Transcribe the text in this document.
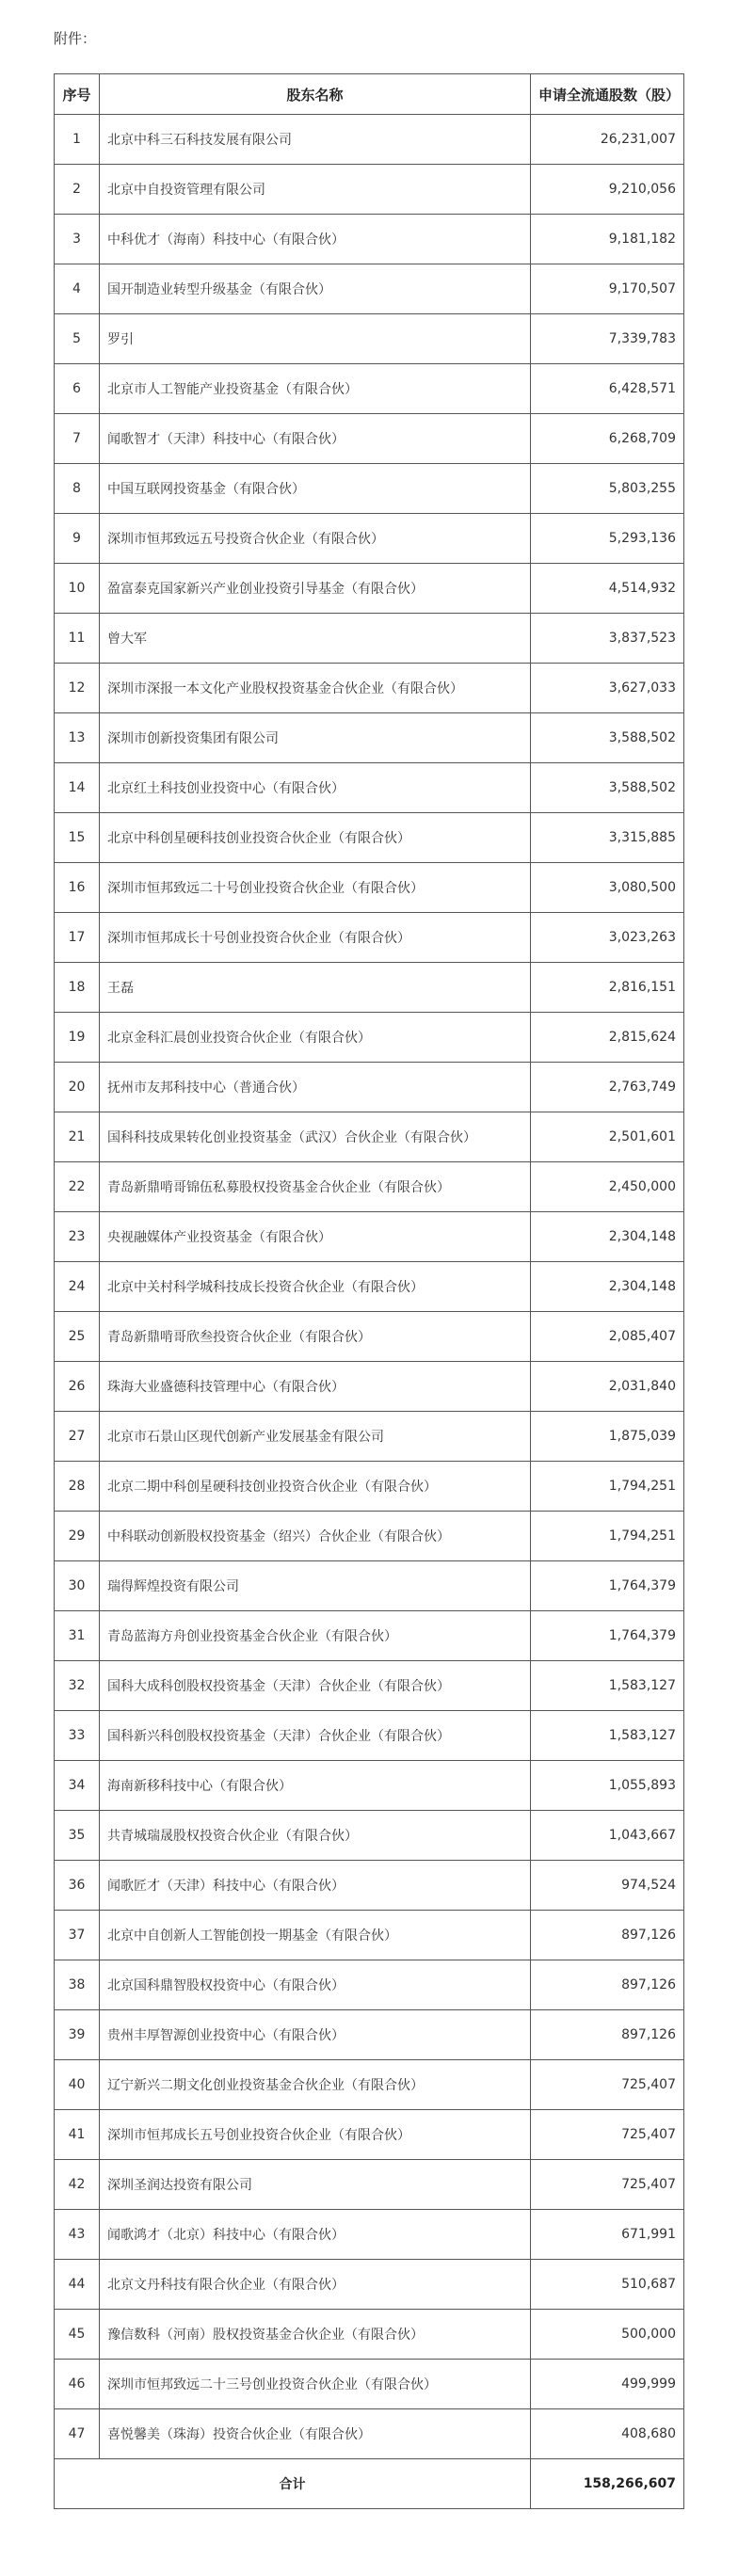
附件：
序号	股东名称	申请全流通股数（股）
1	北京中科三石科技发展有限公司	26,231,007
2	北京中自投资管理有限公司	9,210,056
3	中科优才（海南）科技中心（有限合伙）	9,181,182
4	国开制造业转型升级基金（有限合伙）	9,170,507
5	罗引	7,339,783
6	北京市人工智能产业投资基金（有限合伙）	6,428,571
7	闻歌智才（天津）科技中心（有限合伙）	6,268,709
8	中国互联网投资基金（有限合伙）	5,803,255
9	深圳市恒邦致远五号投资合伙企业（有限合伙）	5,293,136
10	盈富泰克国家新兴产业创业投资引导基金（有限合伙）	4,514,932
11	曾大军	3,837,523
12	深圳市深报一本文化产业股权投资基金合伙企业（有限合伙）	3,627,033
13	深圳市创新投资集团有限公司	3,588,502
14	北京红土科技创业投资中心（有限合伙）	3,588,502
15	北京中科创星硬科技创业投资合伙企业（有限合伙）	3,315,885
16	深圳市恒邦致远二十号创业投资合伙企业（有限合伙）	3,080,500
17	深圳市恒邦成长十号创业投资合伙企业（有限合伙）	3,023,263
18	王磊	2,816,151
19	北京金科汇晨创业投资合伙企业（有限合伙）	2,815,624
20	抚州市友邦科技中心（普通合伙）	2,763,749
21	国科科技成果转化创业投资基金（武汉）合伙企业（有限合伙）	2,501,601
22	青岛新鼎啃哥锦伍私募股权投资基金合伙企业（有限合伙）	2,450,000
23	央视融媒体产业投资基金（有限合伙）	2,304,148
24	北京中关村科学城科技成长投资合伙企业（有限合伙）	2,304,148
25	青岛新鼎啃哥欣叁投资合伙企业（有限合伙）	2,085,407
26	珠海大业盛德科技管理中心（有限合伙）	2,031,840
27	北京市石景山区现代创新产业发展基金有限公司	1,875,039
28	北京二期中科创星硬科技创业投资合伙企业（有限合伙）	1,794,251
29	中科联动创新股权投资基金（绍兴）合伙企业（有限合伙）	1,794,251
30	瑞得辉煌投资有限公司	1,764,379
31	青岛蓝海方舟创业投资基金合伙企业（有限合伙）	1,764,379
32	国科大成科创股权投资基金（天津）合伙企业（有限合伙）	1,583,127
33	国科新兴科创股权投资基金（天津）合伙企业（有限合伙）	1,583,127
34	海南新移科技中心（有限合伙）	1,055,893
35	共青城瑞晟股权投资合伙企业（有限合伙）	1,043,667
36	闻歌匠才（天津）科技中心（有限合伙）	974,524
37	北京中自创新人工智能创投一期基金（有限合伙）	897,126
38	北京国科鼎智股权投资中心（有限合伙）	897,126
39	贵州丰厚智源创业投资中心（有限合伙）	897,126
40	辽宁新兴二期文化创业投资基金合伙企业（有限合伙）	725,407
41	深圳市恒邦成长五号创业投资合伙企业（有限合伙）	725,407
42	深圳圣润达投资有限公司	725,407
43	闻歌鸿才（北京）科技中心（有限合伙）	671,991
44	北京文丹科技有限合伙企业（有限合伙）	510,687
45	豫信数科（河南）股权投资基金合伙企业（有限合伙）	500,000
46	深圳市恒邦致远二十三号创业投资合伙企业（有限合伙）	499,999
47	喜悦馨美（珠海）投资合伙企业（有限合伙）	408,680
合计		158,266,607
